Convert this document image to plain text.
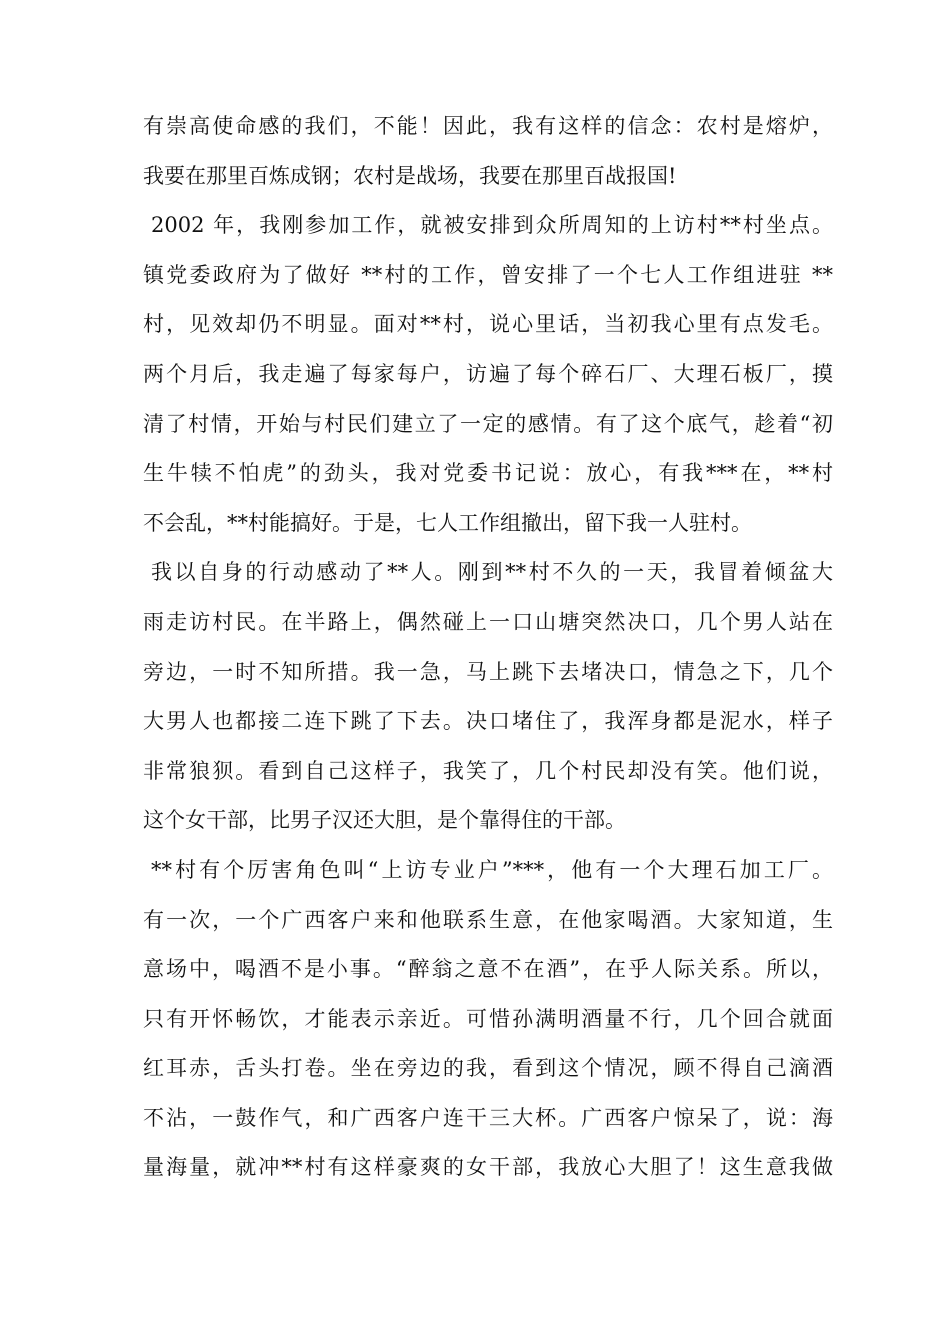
有崇高使命感的我们，不能！因此，我有这样的信念：农村是熔炉，
我要在那里百炼成钢；农村是战场，我要在那里百战报国!
2002 年，我刚参加工作，就被安排到众所周知的上访村**村坐点。
镇党委政府为了做好 **村的工作，曾安排了一个七人工作组进驻 **
村，见效却仍不明显。面对**村，说心里话，当初我心里有点发毛。
两个月后，我走遍了每家每户，访遍了每个碎石厂、大理石板厂，摸
清了村情，开始与村民们建立了一定的感情。有了这个底气，趁着“初
生牛犊不怕虎”的劲头，我对党委书记说：放心，有我***在，**村
不会乱，**村能搞好。于是，七人工作组撤出，留下我一人驻村。
我以自身的行动感动了**人。刚到**村不久的一天，我冒着倾盆大
雨走访村民。在半路上，偶然碰上一口山塘突然决口，几个男人站在
旁边，一时不知所措。我一急，马上跳下去堵决口，情急之下，几个
大男人也都接二连下跳了下去。决口堵住了，我浑身都是泥水，样子
非常狼狈。看到自己这样子，我笑了，几个村民却没有笑。他们说，
这个女干部，比男子汉还大胆，是个靠得住的干部。
**村有个厉害角色叫“上访专业户”***，他有一个大理石加工厂。
有一次，一个广西客户来和他联系生意，在他家喝酒。大家知道，生
意场中，喝酒不是小事。“醉翁之意不在酒”，在乎人际关系。所以，
只有开怀畅饮，才能表示亲近。可惜孙满明酒量不行，几个回合就面
红耳赤，舌头打卷。坐在旁边的我，看到这个情况，顾不得自己滴酒
不沾，一鼓作气，和广西客户连干三大杯。广西客户惊呆了，说：海
量海量，就冲**村有这样豪爽的女干部，我放心大胆了！这生意我做
